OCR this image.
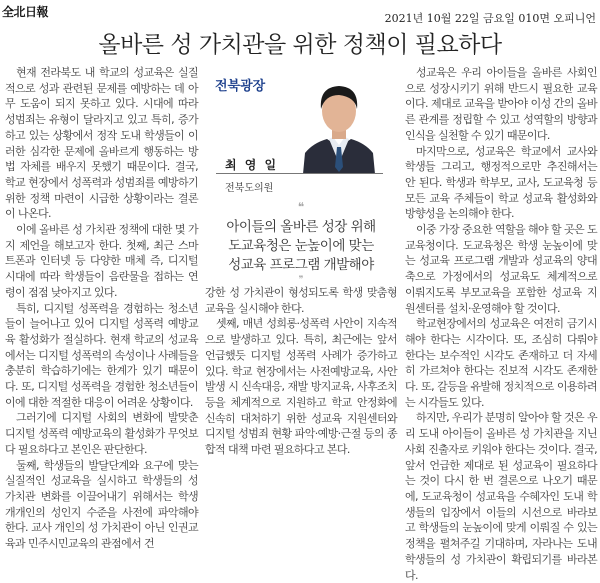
全北日報	2021년 10월 22일 금요일 010면 오피니언
올바른 성 가치관을 위한 정책이 필요하다

현재 전라북도 내 학교의 성교육은 실질적으로 성과 관련된 문제를 예방하는 데 아무 도움이 되지 못하고 있다. 시대에 따라 성범죄는 유형이 달라지고 있고 특히, 증가하고 있는 상황에서 정작 도내 학생들이 이러한 심각한 문제에 올바르게 행동하는 방법 자체를 배우지 못했기 때문이다. 결국, 학교 현장에서 성폭력과 성범죄를 예방하기 위한 정책 마련이 시급한 상황이라는 결론이 나온다.

이에 올바른 성 가치관 정책에 대한 몇 가지 제언을 해보고자 한다. 첫째, 최근 스마트폰과 인터넷 등 다양한 매체 즉, 디지털 시대에 따라 학생들이 음란물을 접하는 연령이 점점 낮아지고 있다.

특히, 디지털 성폭력을 경험하는 청소년들이 늘어나고 있어 디지털 성폭력 예방교육 활성화가 절실하다. 현재 학교의 성교육에서는 디지털 성폭력의 속성이나 사례들을 충분히 학습하기에는 한계가 있기 때문이다. 또, 디지털 성폭력을 경험한 청소년들이 이에 대한 적절한 대응이 어려운 상황이다.

그러기에 디지털 사회의 변화에 발맞춘 디지털 성폭력 예방교육의 활성화가 무엇보다 필요하다고 본인은 판단한다.

둘째, 학생들의 발달단계와 요구에 맞는 실질적인 성교육을 실시하고 학생들의 성 가치관 변화를 이끌어내기 위해서는 학생 개개인의 성인지 수준을 사전에 파악해야 한다. 교사 개인의 성 가치관이 아닌 인권교육과 민주시민교육의 관점에서 건

전북광장
최 영 일
전북도의원
❝
아이들의 올바른 성장 위해
도교육청은 눈높이에 맞는
성교육 프로그램 개발해야
❞

강한 성 가치관이 형성되도록 학생 맞춤형 교육을 실시해야 한다.

셋째, 매년 성희롱·성폭력 사안이 지속적으로 발생하고 있다. 특히, 최근에는 앞서 언급했듯 디지털 성폭력 사례가 증가하고 있다. 학교 현장에서는 사전예방교육, 사안 발생 시 신속대응, 재발 방지교육, 사후조치 등을 체계적으로 지원하고 학교 안정화에 신속히 대처하기 위한 성교육 지원센터와 디지털 성범죄 현황 파악·예방·근절 등의 종합적 대책 마련 필요하다고 본다.

성교육은 우리 아이들을 올바른 사회인으로 성장시키기 위해 반드시 필요한 교육이다. 제대로 교육을 받아야 이성 간의 올바른 관계를 정립할 수 있고 성역할의 방향과 인식을 실천할 수 있기 때문이다.

마지막으로, 성교육은 학교에서 교사와 학생들 그리고, 행정적으로만 추진해서는 안 된다. 학생과 학부모, 교사, 도교육청 등 모든 교육 주체들이 학교 성교육 활성화와 방향성을 논의해야 한다.

이중 가장 중요한 역할을 해야 할 곳은 도교육청이다. 도교육청은 학생 눈높이에 맞는 성교육 프로그램 개발과 성교육의 양대 축으로 가정에서의 성교육도 체계적으로 이뤄지도록 부모교육을 포함한 성교육 지원센터를 설치·운영해야 할 것이다.

학교현장에서의 성교육은 여전히 금기시해야 한다는 시각이다. 또, 조심히 다뤄야 한다는 보수적인 시각도 존재하고 더 자세히 가르쳐야 한다는 진보적 시각도 존재한다. 또, 갈등을 유발해 정치적으로 이용하려는 시각들도 있다.

하지만, 우리가 분명히 알아야 할 것은 우리 도내 아이들이 올바른 성 가치관을 지닌 사회 진출자로 키워야 한다는 것이다. 결국, 앞서 언급한 제대로 된 성교육이 필요하다는 것이 다시 한 번 결론으로 나오기 때문에, 도교육청이 성교육을 수혜자인 도내 학생들의 입장에서 이들의 시선으로 바라보고 학생들의 눈높이에 맞게 이뤄질 수 있는 정책을 펼쳐주길 기대하며, 자라나는 도내 학생들의 성 가치관이 확립되기를 바라본다.
